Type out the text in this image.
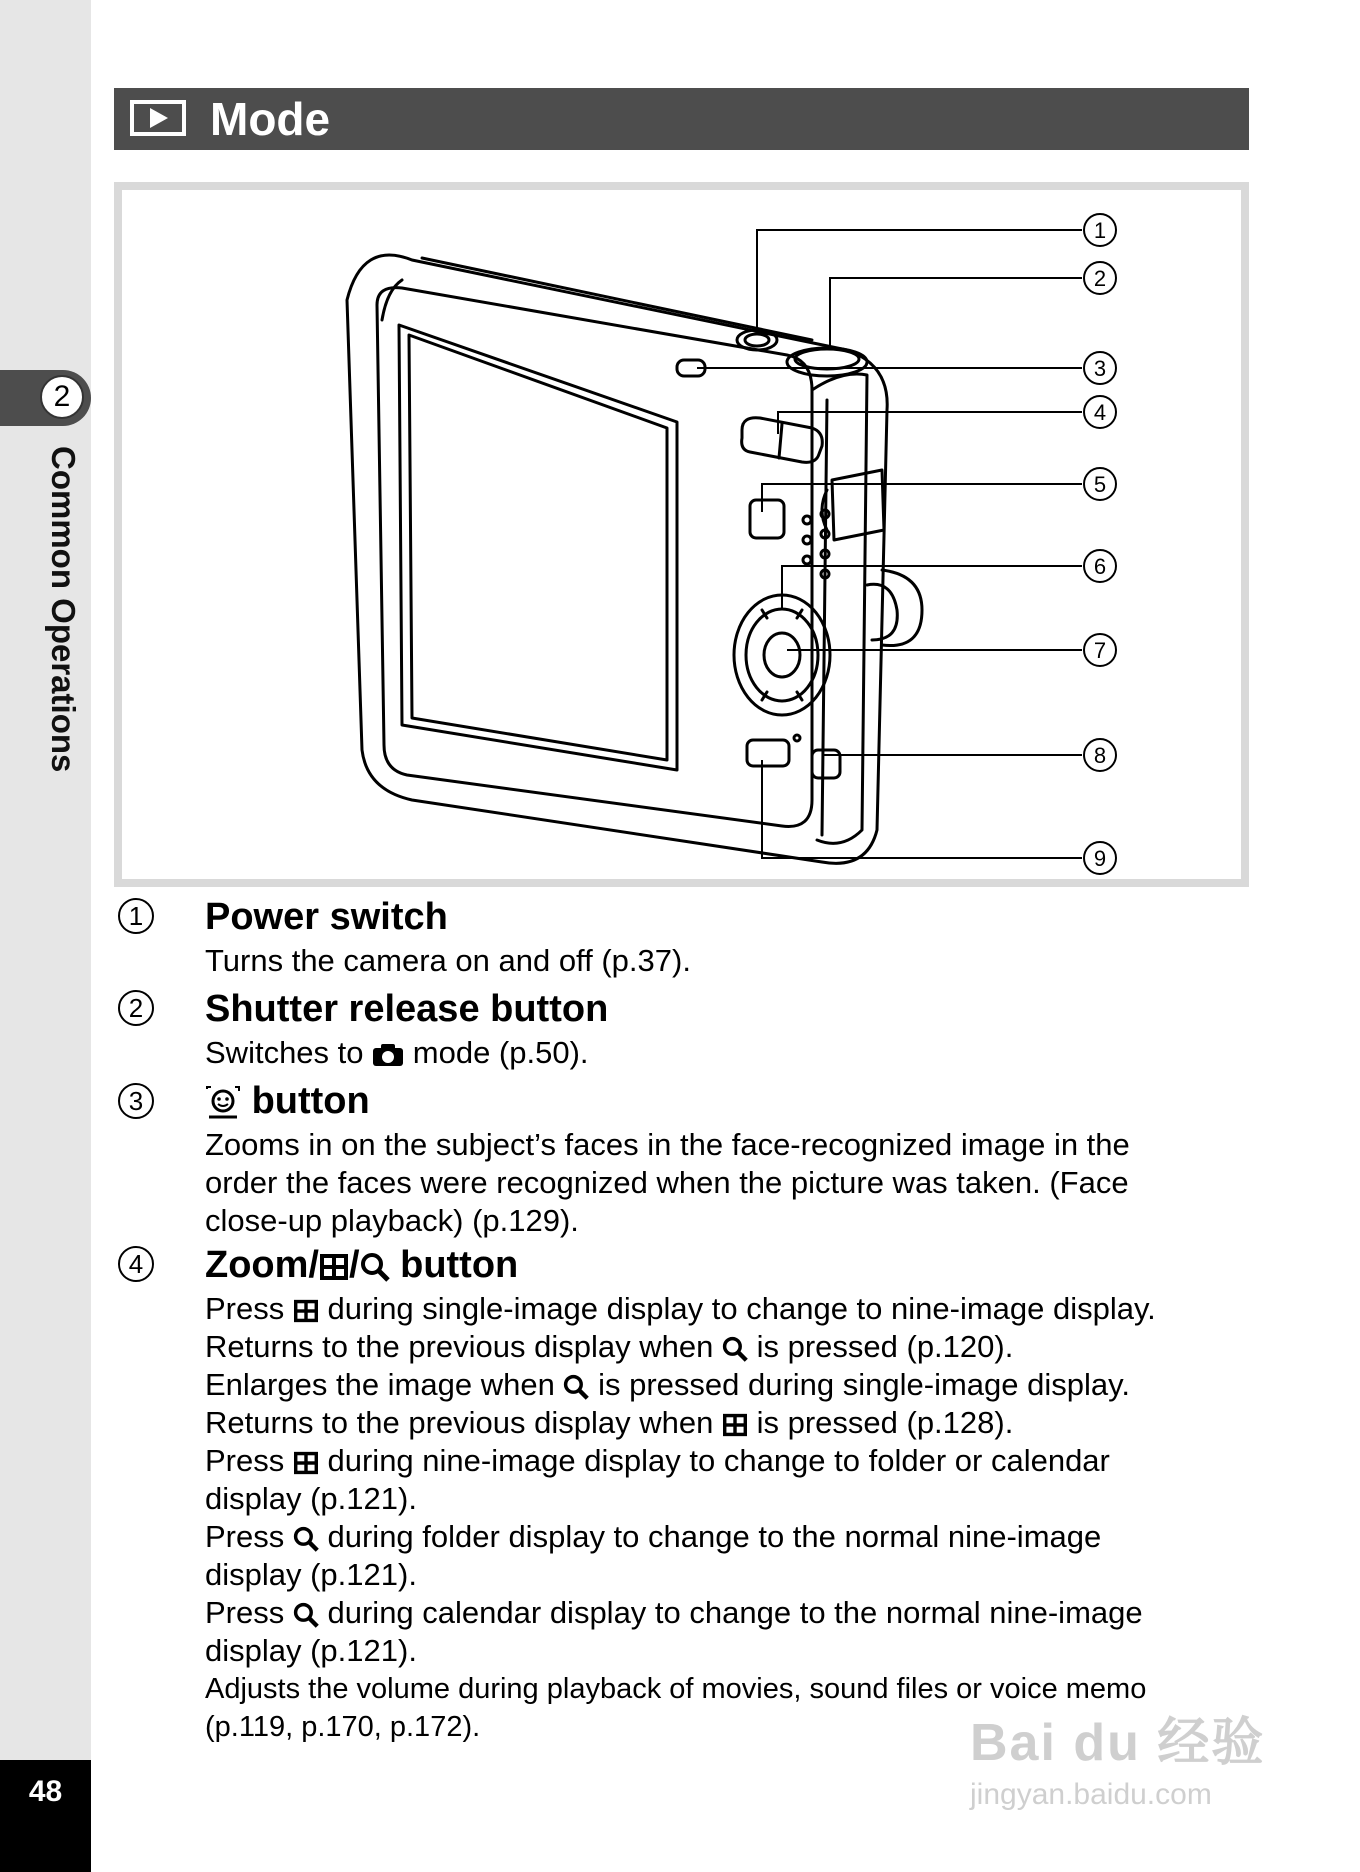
2
Common Operations
48
Mode
1
2
3
4
5
6
7
8
9
1 Power switch
Turns the camera on and off (p.37).
2 Shutter release button
Switches to mode (p.50).
3	button
Zooms in on the subject’s faces in the face-recognized image in the
order the faces were recognized when the picture was taken. (Face
close-up playback) (p.129).
4 Zoom/ / button
Press during single-image display to change to nine-image display.
Returns to the previous display when is pressed (p.120).
Enlarges the image when is pressed during single-image display.
Returns to the previous display when is pressed (p.128).
Press during nine-image display to change to folder or calendar
display (p.121).
Press during folder display to change to the normal nine-image
display (p.121).
Press during calendar display to change to the normal nine-image
display (p.121).
Adjusts the volume during playback of movies, sound files or voice memo
(p.119, p.170, p.172).	Bai du 经验
jingyan.baidu.com
